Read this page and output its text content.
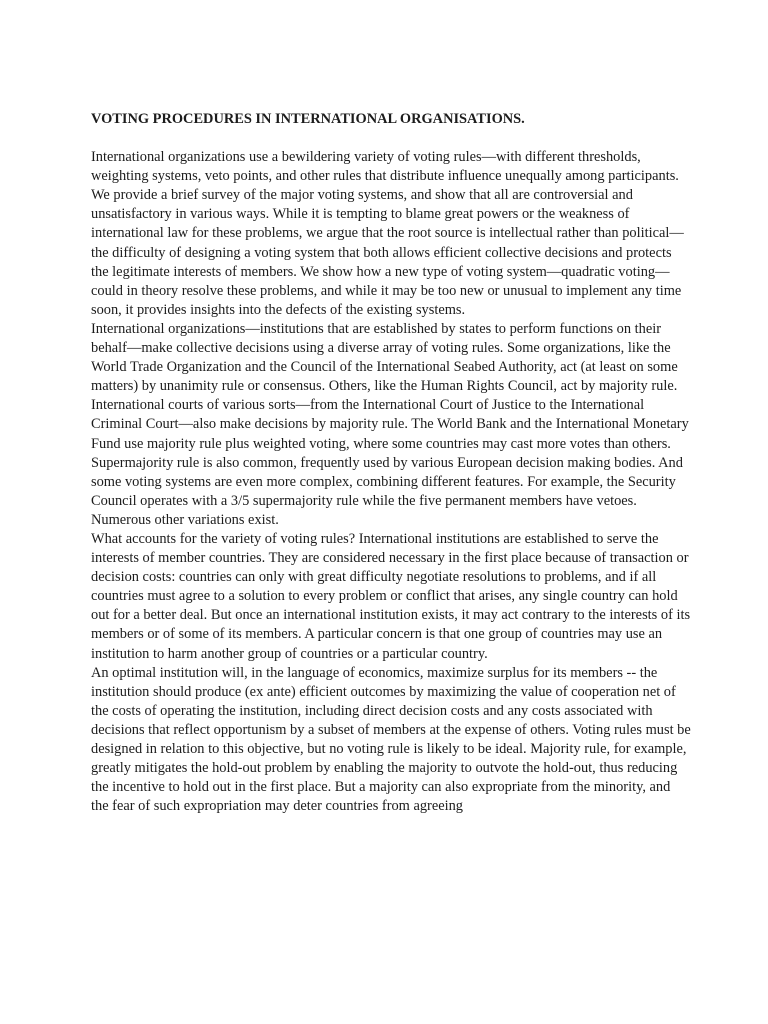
VOTING PROCEDURES IN INTERNATIONAL ORGANISATIONS.

International organizations use a bewildering variety of voting rules—with different thresholds, weighting systems, veto points, and other rules that distribute influence unequally among participants. We provide a brief survey of the major voting systems, and show that all are controversial and unsatisfactory in various ways. While it is tempting to blame great powers or the weakness of international law for these problems, we argue that the root source is intellectual rather than political—the difficulty of designing a voting system that both allows efficient collective decisions and protects the legitimate interests of members. We show how a new type of voting system—quadratic voting—could in theory resolve these problems, and while it may be too new or unusual to implement any time soon, it provides insights into the defects of the existing systems.

International organizations—institutions that are established by states to perform functions on their behalf—make collective decisions using a diverse array of voting rules. Some organizations, like the World Trade Organization and the Council of the International Seabed Authority, act (at least on some matters) by unanimity rule or consensus. Others, like the Human Rights Council, act by majority rule. International courts of various sorts—from the International Court of Justice to the International Criminal Court—also make decisions by majority rule. The World Bank and the International Monetary Fund use majority rule plus weighted voting, where some countries may cast more votes than others. Supermajority rule is also common, frequently used by various European decision making bodies. And some voting systems are even more complex, combining different features. For example, the Security Council operates with a 3/5 supermajority rule while the five permanent members have vetoes. Numerous other variations exist.

What accounts for the variety of voting rules? International institutions are established to serve the interests of member countries. They are considered necessary in the first place because of transaction or decision costs: countries can only with great difficulty negotiate resolutions to problems, and if all countries must agree to a solution to every problem or conflict that arises, any single country can hold out for a better deal. But once an international institution exists, it may act contrary to the interests of its members or of some of its members. A particular concern is that one group of countries may use an institution to harm another group of countries or a particular country.

An optimal institution will, in the language of economics, maximize surplus for its members -- the institution should produce (ex ante) efficient outcomes by maximizing the value of cooperation net of the costs of operating the institution, including direct decision costs and any costs associated with decisions that reflect opportunism by a subset of members at the expense of others. Voting rules must be designed in relation to this objective, but no voting rule is likely to be ideal. Majority rule, for example, greatly mitigates the hold-out problem by enabling the majority to outvote the hold-out, thus reducing the incentive to hold out in the first place. But a majority can also expropriate from the minority, and the fear of such expropriation may deter countries from agreeing
